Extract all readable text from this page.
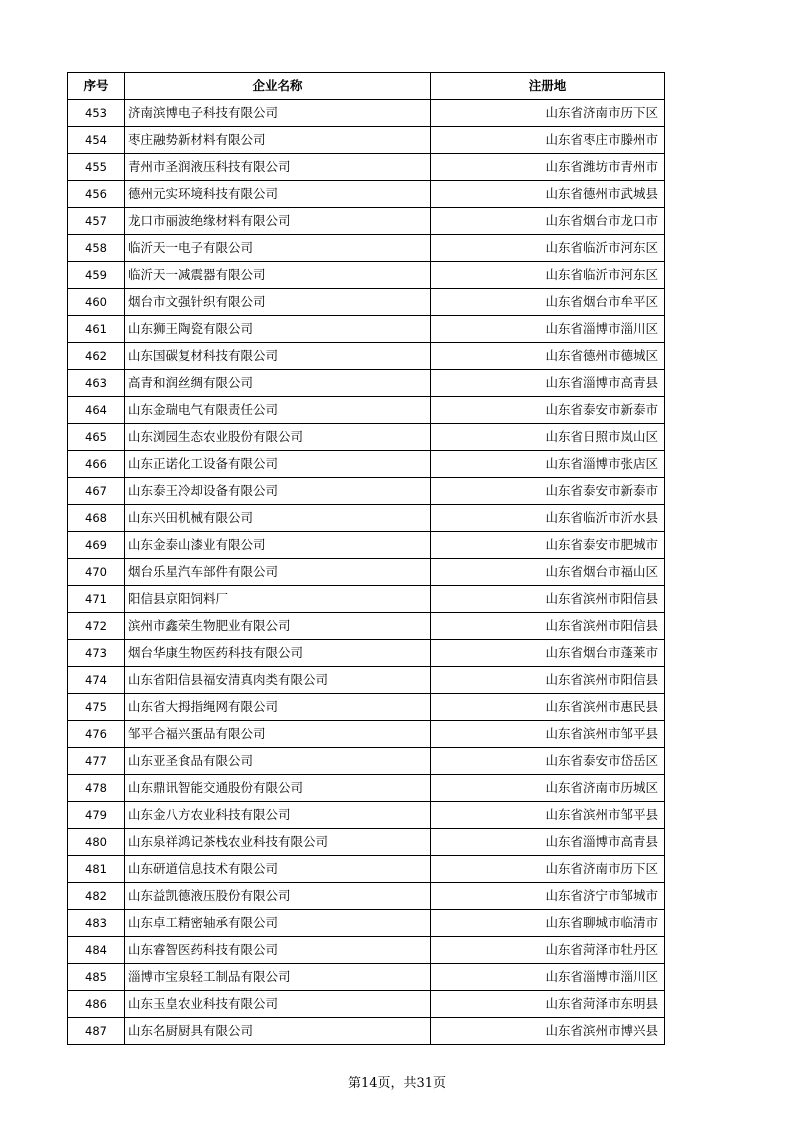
序号	企业名称	注册地
453	济南滨博电子科技有限公司	山东省济南市历下区
454	枣庄融势新材料有限公司	山东省枣庄市滕州市
455	青州市圣润液压科技有限公司	山东省潍坊市青州市
456	德州元实环境科技有限公司	山东省德州市武城县
457	龙口市丽波绝缘材料有限公司	山东省烟台市龙口市
458	临沂天一电子有限公司	山东省临沂市河东区
459	临沂天一减震器有限公司	山东省临沂市河东区
460	烟台市文强针织有限公司	山东省烟台市牟平区
461	山东狮王陶瓷有限公司	山东省淄博市淄川区
462	山东国碳复材科技有限公司	山东省德州市德城区
463	高青和润丝绸有限公司	山东省淄博市高青县
464	山东金瑞电气有限责任公司	山东省泰安市新泰市
465	山东浏园生态农业股份有限公司	山东省日照市岚山区
466	山东正诺化工设备有限公司	山东省淄博市张店区
467	山东泰王冷却设备有限公司	山东省泰安市新泰市
468	山东兴田机械有限公司	山东省临沂市沂水县
469	山东金泰山漆业有限公司	山东省泰安市肥城市
470	烟台乐星汽车部件有限公司	山东省烟台市福山区
471	阳信县京阳饲料厂	山东省滨州市阳信县
472	滨州市鑫荣生物肥业有限公司	山东省滨州市阳信县
473	烟台华康生物医药科技有限公司	山东省烟台市蓬莱市
474	山东省阳信县福安清真肉类有限公司	山东省滨州市阳信县
475	山东省大拇指绳网有限公司	山东省滨州市惠民县
476	邹平合福兴蛋品有限公司	山东省滨州市邹平县
477	山东亚圣食品有限公司	山东省泰安市岱岳区
478	山东鼎讯智能交通股份有限公司	山东省济南市历城区
479	山东金八方农业科技有限公司	山东省滨州市邹平县
480	山东泉祥鸿记茶栈农业科技有限公司	山东省淄博市高青县
481	山东研道信息技术有限公司	山东省济南市历下区
482	山东益凯德液压股份有限公司	山东省济宁市邹城市
483	山东卓工精密轴承有限公司	山东省聊城市临清市
484	山东睿智医药科技有限公司	山东省菏泽市牡丹区
485	淄博市宝泉轻工制品有限公司	山东省淄博市淄川区
486	山东玉皇农业科技有限公司	山东省菏泽市东明县
487	山东名厨厨具有限公司	山东省滨州市博兴县
第14页，共31页
